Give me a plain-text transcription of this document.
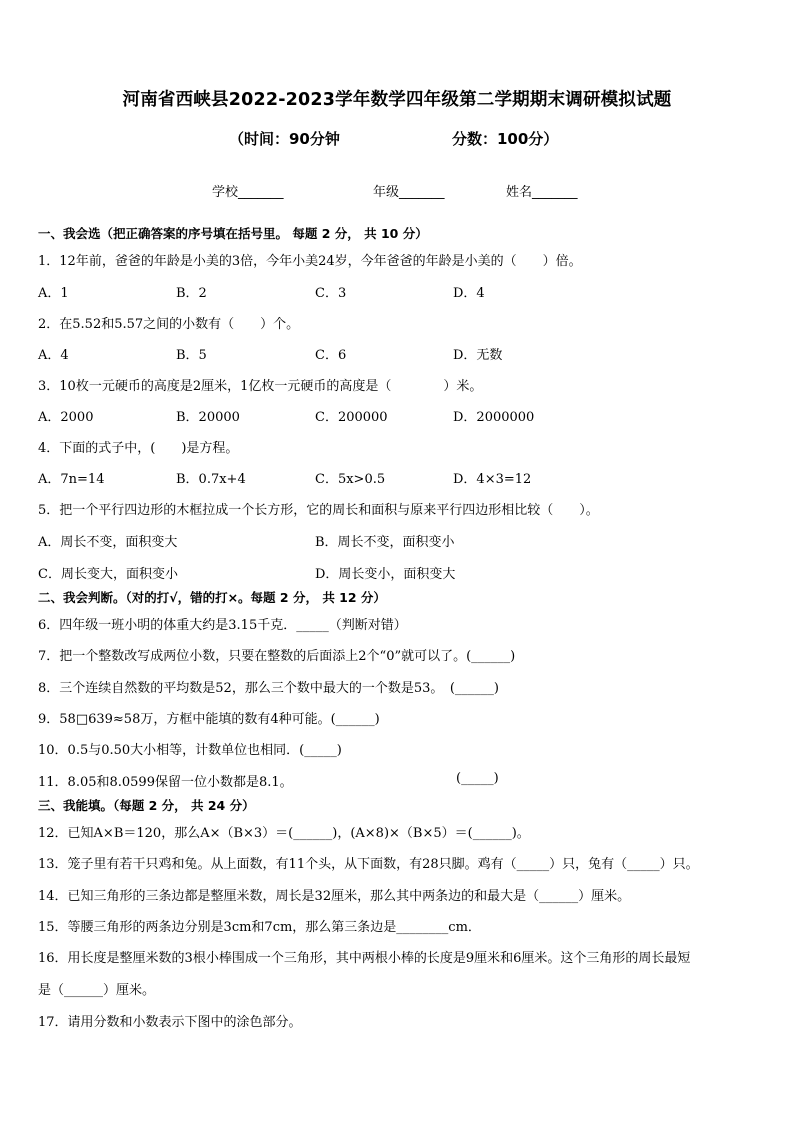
河南省西峡县2022-2023学年数学四年级第二学期期末调研模拟试题
（时间：90分钟	分数：100分）
学校_______	年级_______	姓名_______
一、我会选（把正确答案的序号填在括号里。 每题 2 分， 共 10 分）
1．12年前，爸爸的年龄是小美的3倍，今年小美24岁，今年爸爸的年龄是小美的（　　）倍。
A．1	B．2	C．3	D．4
2．在5.52和5.57之间的小数有（　　）个。
A．4	B．5	C．6	D．无数
3．10枚一元硬币的高度是2厘米，1亿枚一元硬币的高度是（　　　　）米。
A．2000	B．20000	C．200000	D．2000000
4．下面的式子中，(　　)是方程。
A．7n=14	B．0.7x+4	C．5x>0.5	D．4×3=12
5．把一个平行四边形的木框拉成一个长方形，它的周长和面积与原来平行四边形相比较（　　）。
A．周长不变，面积变大	B．周长不变，面积变小
C．周长变大，面积变小	D．周长变小，面积变大
二、我会判断。（对的打√，错的打×。每题 2 分， 共 12 分）
6．四年级一班小明的体重大约是3.15千克．_____（判断对错）
7．把一个整数改写成两位小数，只要在整数的后面添上2个“0”就可以了。(______)
8．三个连续自然数的平均数是52，那么三个数中最大的一个数是53。　(______)
9．58□639≈58万，方框中能填的数有4种可能。(______)
10．0.5与0.50大小相等，计数单位也相同．(_____)
11．8.05和8.0599保留一位小数都是8.1。	(_____)
三、我能填。（每题 2 分， 共 24 分）
12．已知A×B＝120，那么A×（B×3）＝(______)，(A×8)×（B×5）＝(______)。
13．笼子里有若干只鸡和兔。从上面数，有11个头，从下面数，有28只脚。鸡有（_____）只，兔有（_____）只。
14．已知三角形的三条边都是整厘米数，周长是32厘米，那么其中两条边的和最大是（______）厘米。
15．等腰三角形的两条边分别是3cm和7cm，那么第三条边是________cm．
16．用长度是整厘米数的3根小棒围成一个三角形，其中两根小棒的长度是9厘米和6厘米。这个三角形的周长最短
是（______）厘米。
17．请用分数和小数表示下图中的涂色部分。
